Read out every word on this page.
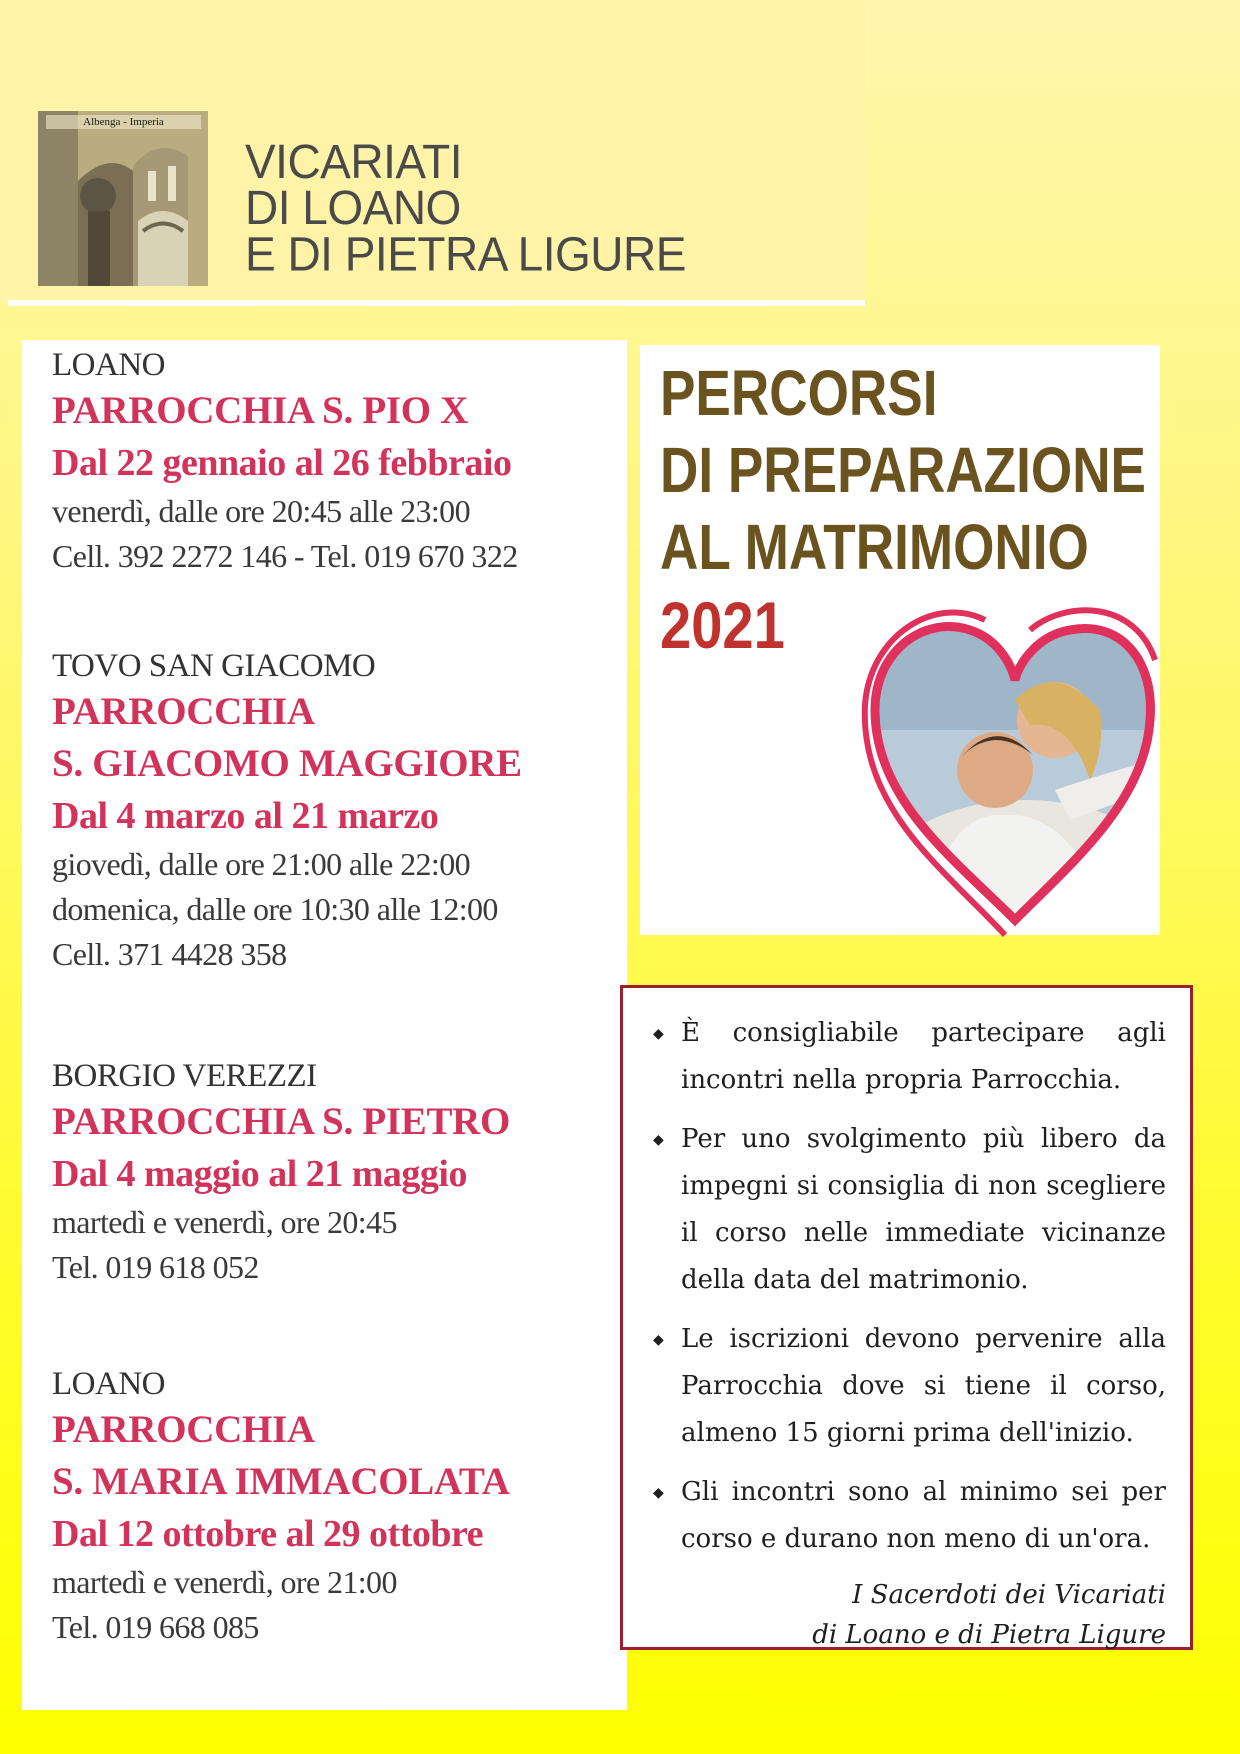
Albenga - Imperia
VICARIATI
DI LOANO
E DI PIETRA LIGURE
LOANO
PARROCCHIA S. PIO X
Dal 22 gennaio al 26 febbraio
venerdì, dalle ore 20:45 alle 23:00
Cell. 392 2272 146 - Tel. 019 670 322
TOVO SAN GIACOMO
PARROCCHIA
S. GIACOMO MAGGIORE
Dal 4 marzo al 21 marzo
giovedì, dalle ore 21:00 alle 22:00
domenica, dalle ore 10:30 alle 12:00
Cell. 371 4428 358
BORGIO VEREZZI
PARROCCHIA S. PIETRO
Dal 4 maggio al 21 maggio
martedì e venerdì, ore 20:45
Tel. 019 618 052
LOANO
PARROCCHIA
S. MARIA IMMACOLATA
Dal 12 ottobre al 29 ottobre
martedì e venerdì, ore 21:00
Tel. 019 668 085
PERCORSI
DI PREPARAZIONE
AL MATRIMONIO
2021
◆ È consigliabile partecipare agli incontri nella propria Parrocchia.
◆ Per uno svolgimento più libero da impegni si consiglia di non scegliere il corso nelle immediate vicinanze della data del matrimonio.
◆ Le iscrizioni devono pervenire alla Parrocchia dove si tiene il corso, almeno 15 giorni prima dell'inizio.
◆ Gli incontri sono al minimo sei per corso e durano non meno di un'ora.
I Sacerdoti dei Vicariati
di Loano e di Pietra Ligure
